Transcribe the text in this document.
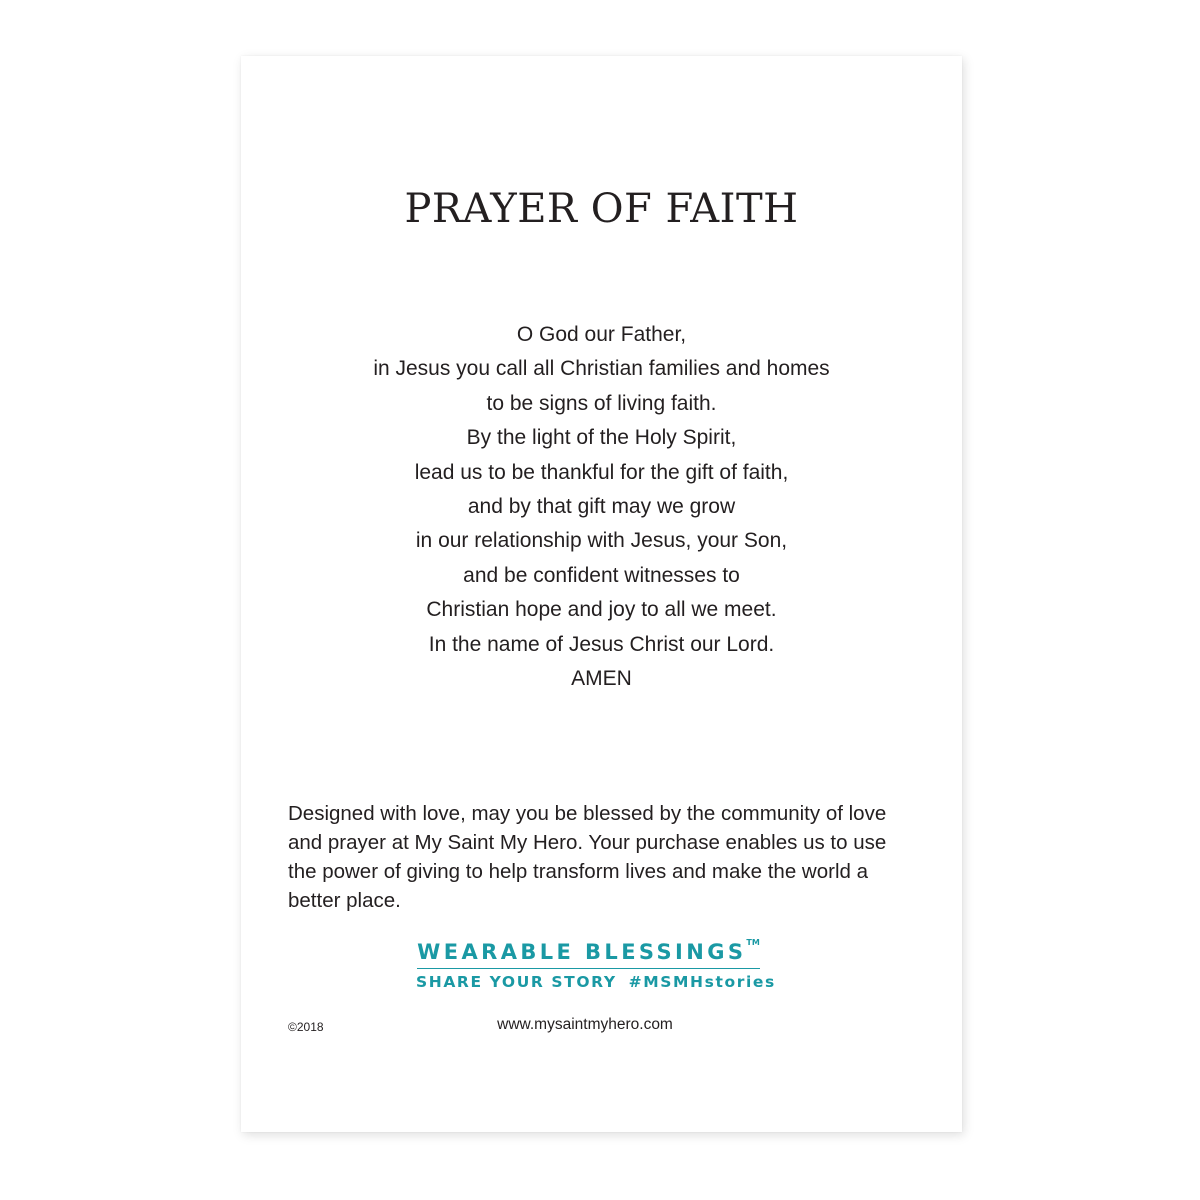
PRAYER OF FAITH
O God our Father,
in Jesus you call all Christian families and homes
to be signs of living faith.
By the light of the Holy Spirit,
lead us to be thankful for the gift of faith,
and by that gift may we grow
in our relationship with Jesus, your Son,
and be confident witnesses to
Christian hope and joy to all we meet.
In the name of Jesus Christ our Lord.
AMEN

Designed with love, may you be blessed by the community of love and prayer at My Saint My Hero. Your purchase enables us to use the power of giving to help transform lives and make the world a better place.

WEARABLE BLESSINGS™
SHARE YOUR STORY #MSMHstories
©2018	www.mysaintmyhero.com
